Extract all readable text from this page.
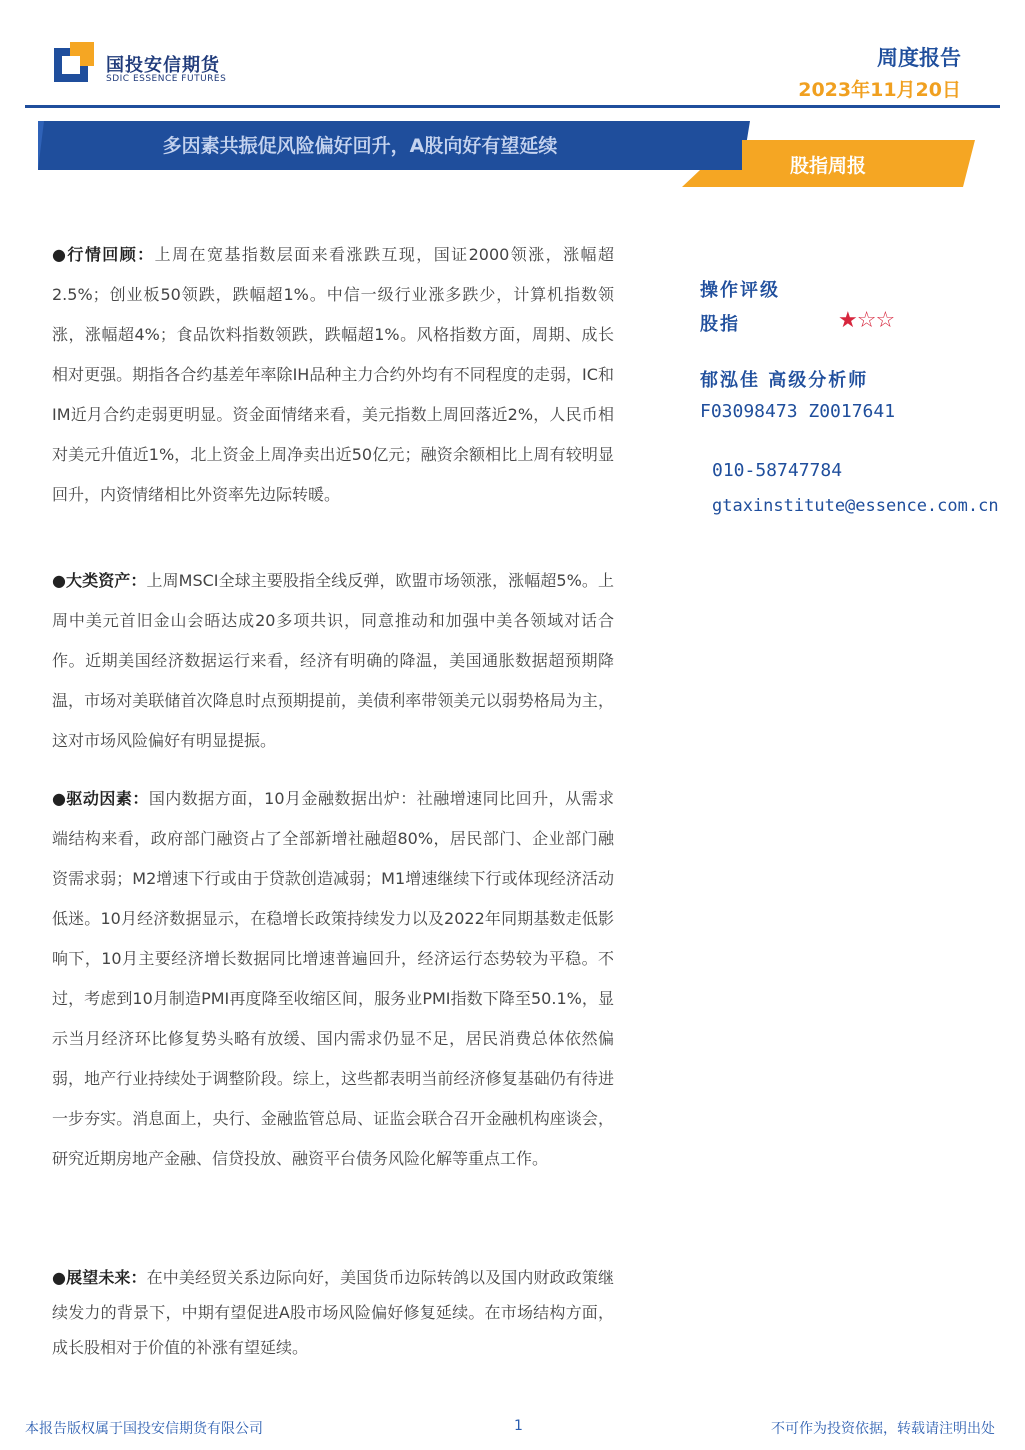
国投安信期货
SDIC ESSENCE FUTURES
周度报告
2023年11月20日
多因素共振促风险偏好回升，A股向好有望延续
股指周报

●行情回顾：上周在宽基指数层面来看涨跌互现，国证2000领涨，涨幅超2.5%；创业板50领跌，跌幅超1%。中信一级行业涨多跌少，计算机指数领涨，涨幅超4%；食品饮料指数领跌，跌幅超1%。风格指数方面，周期、成长相对更强。期指各合约基差年率除IH品种主力合约外均有不同程度的走弱，IC和IM近月合约走弱更明显。资金面情绪来看，美元指数上周回落近2%，人民币相对美元升值近1%，北上资金上周净卖出近50亿元；融资余额相比上周有较明显回升，内资情绪相比外资率先边际转暖。

●大类资产：上周MSCI全球主要股指全线反弹，欧盟市场领涨，涨幅超5%。上周中美元首旧金山会晤达成20多项共识，同意推动和加强中美各领域对话合作。近期美国经济数据运行来看，经济有明确的降温，美国通胀数据超预期降温，市场对美联储首次降息时点预期提前，美债利率带领美元以弱势格局为主，这对市场风险偏好有明显提振。

●驱动因素：国内数据方面，10月金融数据出炉：社融增速同比回升，从需求端结构来看，政府部门融资占了全部新增社融超80%，居民部门、企业部门融资需求弱；M2增速下行或由于贷款创造减弱；M1增速继续下行或体现经济活动低迷。10月经济数据显示，在稳增长政策持续发力以及2022年同期基数走低影响下，10月主要经济增长数据同比增速普遍回升，经济运行态势较为平稳。不过，考虑到10月制造PMI再度降至收缩区间，服务业PMI指数下降至50.1%，显示当月经济环比修复势头略有放缓、国内需求仍显不足，居民消费总体依然偏弱，地产行业持续处于调整阶段。综上，这些都表明当前经济修复基础仍有待进一步夯实。消息面上，央行、金融监管总局、证监会联合召开金融机构座谈会，研究近期房地产金融、信贷投放、融资平台债务风险化解等重点工作。

●展望未来：在中美经贸关系边际向好，美国货币边际转鸽以及国内财政政策继续发力的背景下，中期有望促进A股市场风险偏好修复延续。在市场结构方面，成长股相对于价值的补涨有望延续。

操作评级
股指	★☆☆
郁泓佳 高级分析师
F03098473 Z0017641
010-58747784
gtaxinstitute@essence.com.cn
本报告版权属于国投安信期货有限公司	1	不可作为投资依据，转载请注明出处
